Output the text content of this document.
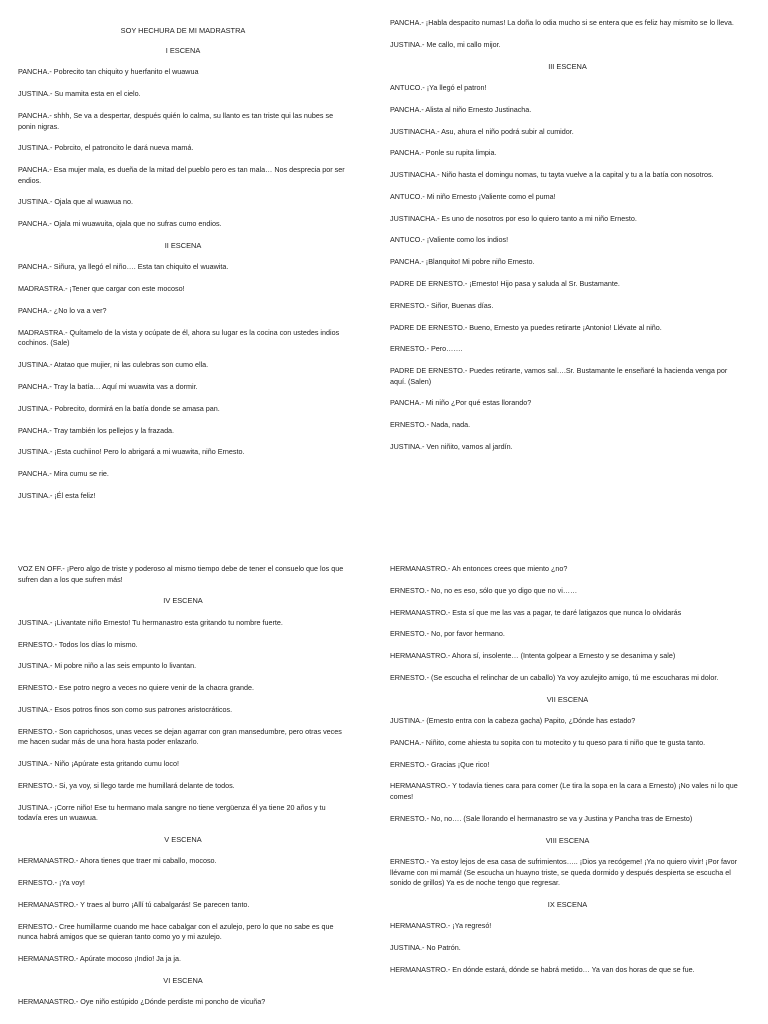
SOY HECHURA DE MI MADRASTRA
I ESCENA
PANCHA.- Pobrecito tan chiquito y huerfanito el wuawua
JUSTINA.- Su mamita esta en el cielo.
PANCHA.- shhh, Se va a despertar, después quién lo calma, su llanto es tan triste qui las nubes se ponin nigras.
JUSTINA.- Pobrcito, el patroncito le dará nueva mamá.
PANCHA.- Esa mujer mala, es dueña de la mitad del pueblo pero es tan mala… Nos desprecia por ser endios.
JUSTINA.- Ojala que al wuawua no.
PANCHA.- Ojala mi wuawuita, ojala que no sufras cumo endios.
II ESCENA
PANCHA.- Siñura, ya llegó el niño…. Esta tan chiquito el wuawita.
MADRASTRA.- ¡Tener que cargar con este mocoso!
PANCHA.- ¿No lo va a ver?
MADRASTRA.- Quítamelo de la vista y ocúpate de él, ahora su lugar es la cocina con ustedes indios cochinos. (Sale)
JUSTINA.- Atatao que mujier, ni las culebras son cumo ella.
PANCHA.- Tray la batía… Aquí mi wuawita vas a dormir.
JUSTINA.- Pobrecito, dormirá en la batía donde se amasa pan.
PANCHA.- Tray también los pellejos y la frazada.
JUSTINA.- ¡Esta cuchiino! Pero lo abrigará a mi wuawita, niño Ernesto.
PANCHA.- Mira cumu se rie.
JUSTINA.- ¡Él esta feliz!
PANCHA.- ¡Habla despacito numas! La doña lo odia mucho si se entera que es feliz hay mismito se lo lleva.
JUSTINA.- Me callo, mi callo mijor.
III ESCENA
ANTUCO.- ¡Ya llegó el patron!
PANCHA.- Alista al niño Ernesto Justinacha.
JUSTINACHA.- Asu, ahura el niño podrá subir al cumidor.
PANCHA.- Ponle su rupita limpia.
JUSTINACHA.- Niño hasta el domingu nomas, tu tayta vuelve a la capital y tu a la batía con nosotros.
ANTUCO.- Mi niño Ernesto ¡Valiente como el puma!
JUSTINACHA.- Es uno de nosotros por eso lo quiero tanto a mi niño Ernesto.
ANTUCO.- ¡Valiente como los indios!
PANCHA.- ¡Blanquito! Mi pobre niño Ernesto.
PADRE DE ERNESTO.- ¡Ernesto! Hijo pasa y saluda al Sr. Bustamante.
ERNESTO.- Siñor, Buenas días.
PADRE DE ERNESTO.- Bueno, Ernesto ya puedes retirarte ¡Antonio! Llévate al niño.
ERNESTO.- Pero…….
PADRE DE ERNESTO.- Puedes retirarte, vamos sal….Sr. Bustamante le enseñaré la hacienda venga por aquí. (Salen)
PANCHA.- Mi niño ¿Por qué estas llorando?
ERNESTO.- Nada, nada.
JUSTINA.- Ven niñito, vamos al jardín.
VOZ EN OFF.- ¡Pero algo de triste y poderoso al mismo tiempo debe de tener el consuelo que los que sufren dan a los que sufren más!
IV ESCENA
JUSTINA.- ¡Livantate niño Ernesto! Tu hermanastro esta gritando tu nombre fuerte.
ERNESTO.- Todos los días lo mismo.
JUSTINA.- Mi pobre niño a las seis empunto lo livantan.
ERNESTO.- Ese potro negro a veces no quiere venir de la chacra grande.
JUSTINA.- Esos potros finos son como sus patrones aristocráticos.
ERNESTO.- Son caprichosos, unas veces se dejan agarrar con gran mansedumbre, pero otras veces me hacen sudar más de una hora hasta poder enlazarlo.
JUSTINA.- Niño ¡Apúrate esta gritando cumu loco!
ERNESTO.- Si, ya voy, si llego tarde me humillará delante de todos.
JUSTINA.- ¡Corre niño! Ese tu hermano mala sangre no tiene vergüenza él ya tiene 20 años y tu todavía eres un wuawua.
V ESCENA
HERMANASTRO.- Ahora tienes que traer mi caballo, mocoso.
ERNESTO.- ¡Ya voy!
HERMANASTRO.- Y traes al burro ¡Allí tú cabalgarás! Se parecen tanto.
ERNESTO.- Cree humillarme cuando me hace cabalgar con el azulejo, pero lo que no sabe es que nunca habrá amigos que se quieran tanto como yo y mi azulejo.
HERMANASTRO.- Apúrate mocoso ¡Indio! Ja ja ja.
VI ESCENA
HERMANASTRO.- Oye niño estúpido ¿Dónde perdiste mi poncho de vicuña?
HERMANASTRO.- Ah entonces crees que miento ¿no?
ERNESTO.- No, no es eso, sólo que yo digo que no vi……
HERMANASTRO.- Esta sí que me las vas a pagar, te daré latigazos que nunca lo olvidarás
ERNESTO.- No, por favor hermano.
HERMANASTRO.- Ahora sí, insolente… (Intenta golpear a Ernesto y se desanima y sale)
ERNESTO.- (Se escucha el relinchar de un caballo) Ya voy azulejito amigo, tú me escucharas mi dolor.
VII ESCENA
JUSTINA.- (Ernesto entra con la cabeza gacha) Papito, ¿Dónde has estado?
PANCHA.- Niñito, come ahiesta tu sopita con tu motecito y tu queso para ti niño que te gusta tanto.
ERNESTO.- Gracias ¡Que rico!
HERMANASTRO.- Y todavía tienes cara para comer (Le tira la sopa en la cara a Ernesto) ¡No vales ni lo que comes!
ERNESTO.- No, no…. (Sale llorando el hermanastro se va y Justina y Pancha tras de Ernesto)
VIII ESCENA
ERNESTO.- Ya estoy lejos de esa casa de sufrimientos….. ¡Dios ya recógeme! ¡Ya no quiero vivir! ¡Por favor llévame con mi mamá! (Se escucha un huayno triste, se queda dormido y después despierta se escucha el sonido de grillos) Ya es de noche tengo que regresar.
IX ESCENA
HERMANASTRO.- ¡Ya regresó!
JUSTINA.- No Patrón.
HERMANASTRO.- En dónde estará, dónde se habrá metido… Ya van dos horas de que se fue.
